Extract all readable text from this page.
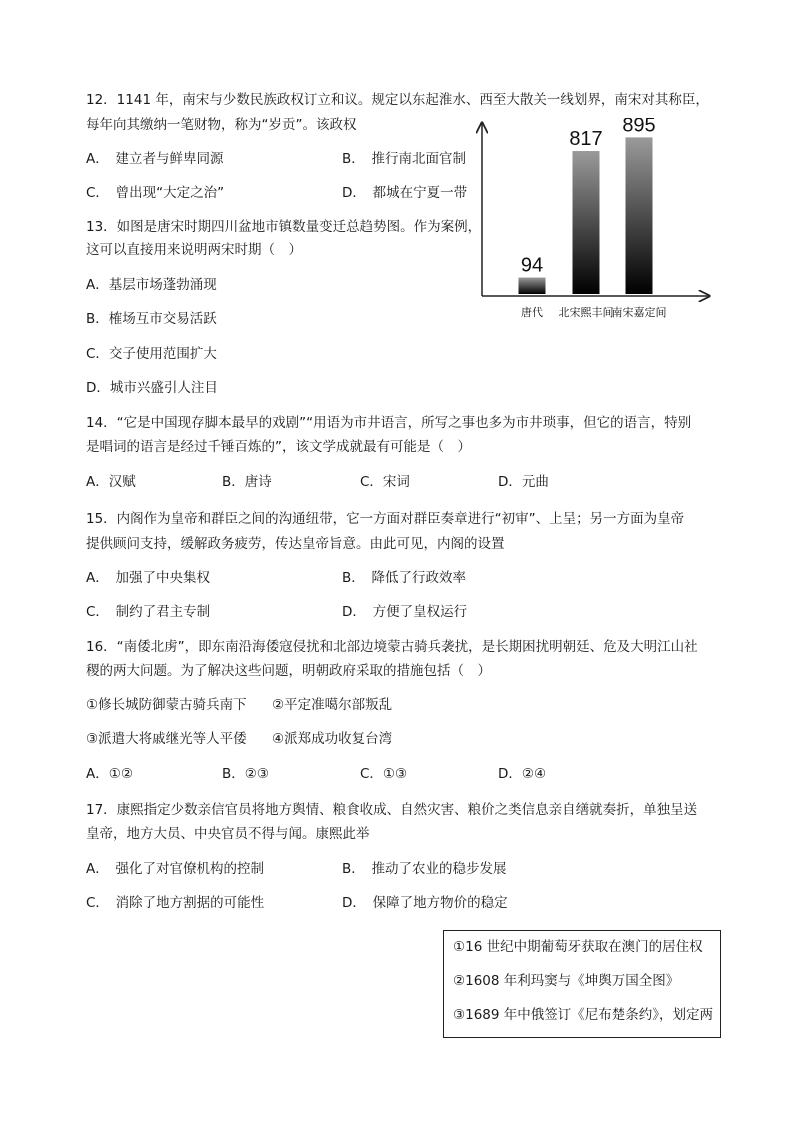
12．1141 年，南宋与少数民族政权订立和议。规定以东起淮水、西至大散关一线划界，南宋对其称臣，
每年向其缴纳一笔财物，称为“岁贡”。该政权
A．　建立者与鲜卑同源	B．　推行南北面官制
C．　曾出现“大定之治”	D．　都城在宁夏一带
13．如图是唐宋时期四川盆地市镇数量变迁总趋势图。作为案例，
这可以直接用来说明两宋时期（　）
A．基层市场蓬勃涌现
B．榷场互市交易活跃
C．交子使用范围扩大
D．城市兴盛引人注目
94
817
895
唐代 北宋熙丰间
南宋嘉定间
14．“它是中国现存脚本最早的戏剧”“用语为市井语言，所写之事也多为市井琐事，但它的语言，特别
是唱词的语言是经过千锤百炼的”，该文学成就最有可能是（　）
A．汉赋	B．唐诗	C．宋词	D．元曲
15．内阁作为皇帝和群臣之间的沟通纽带，它一方面对群臣奏章进行“初审”、上呈；另一方面为皇帝
提供顾问支持，缓解政务疲劳，传达皇帝旨意。由此可见，内阁的设置
A．　加强了中央集权	B．　降低了行政效率
C．　制约了君主专制	D．　方便了皇权运行
16．“南倭北虏”，即东南沿海倭寇侵扰和北部边境蒙古骑兵袭扰，是长期困扰明朝廷、危及大明江山社
稷的两大问题。为了解决这些问题，明朝政府采取的措施包括（　）
①修长城防御蒙古骑兵南下 ②平定准噶尔部叛乱
③派遣大将戚继光等人平倭 ④派郑成功收复台湾
A．①②	B．②③	C．①③	D．②④
17．康熙指定少数亲信官员将地方舆情、粮食收成、自然灾害、粮价之类信息亲自缮就奏折，单独呈送
皇帝，地方大员、中央官员不得与闻。康熙此举
A．　强化了对官僚机构的控制	B．　推动了农业的稳步发展
C．　消除了地方割据的可能性	D．　保障了地方物价的稳定
①16 世纪中期葡萄牙获取在澳门的居住权
②1608 年利玛窦与《坤舆万国全图》
③1689 年中俄签订《尼布楚条约》，划定两
